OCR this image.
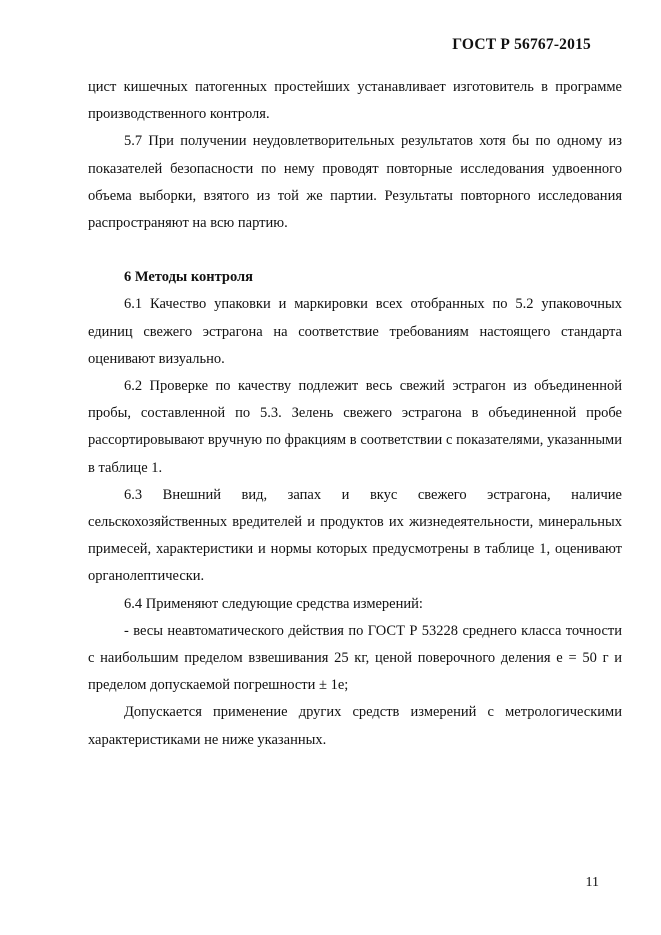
ГОСТ Р 56767-2015

цист кишечных патогенных простейших устанавливает изготовитель в программе производственного контроля.

5.7 При получении неудовлетворительных результатов хотя бы по одному из показателей безопасности по нему проводят повторные исследования удвоенного объема выборки, взятого из той же партии. Результаты повторного исследования распространяют на всю партию.

6 Методы контроля

6.1 Качество упаковки и маркировки всех отобранных по 5.2 упаковочных единиц свежего эстрагона на соответствие требованиям настоящего стандарта оценивают визуально.

6.2 Проверке по качеству подлежит весь свежий эстрагон из объединенной пробы, составленной по 5.3. Зелень свежего эстрагона в объединенной пробе рассортировывают вручную по фракциям в соответствии с показателями, указанными в таблице 1.

6.3 Внешний вид, запах и вкус свежего эстрагона, наличие сельскохозяйственных вредителей и продуктов их жизнедеятельности, минеральных примесей, характеристики и нормы которых предусмотрены в таблице 1, оценивают органолептически.

6.4 Применяют следующие средства измерений:

- весы неавтоматического действия по ГОСТ Р 53228 среднего класса точности с наибольшим пределом взвешивания 25 кг, ценой поверочного деления е = 50 г и пределом допускаемой погрешности ± 1е;

Допускается применение других средств измерений с метрологическими характеристиками не ниже указанных.

11
